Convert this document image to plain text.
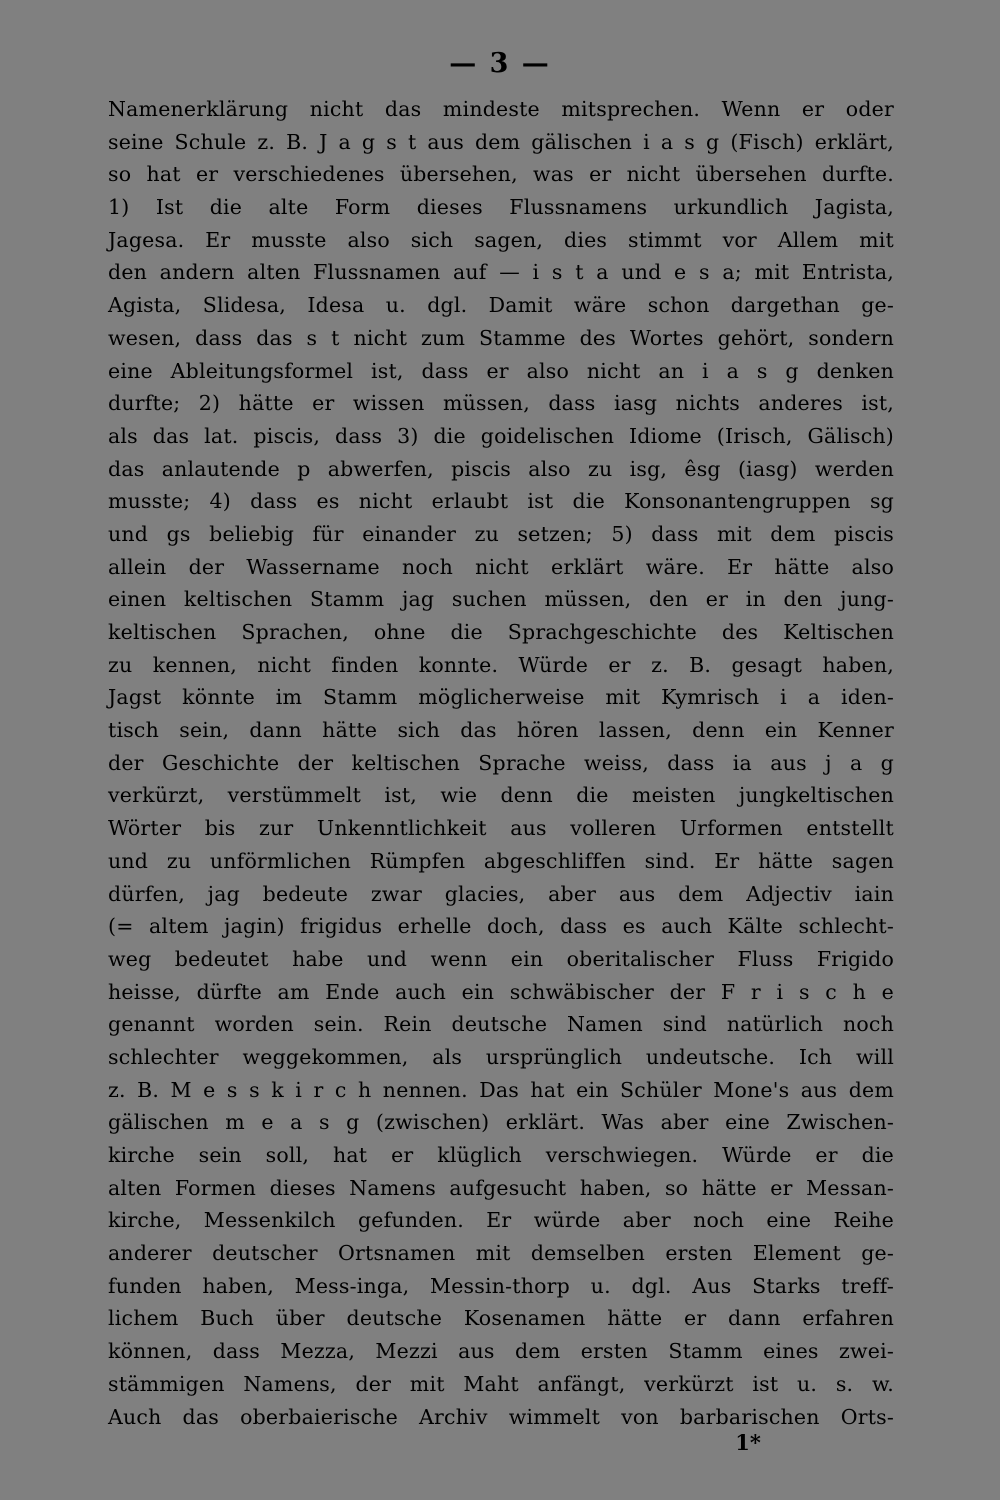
— 3 —
Namenerklärung nicht das mindeste mitsprechen. Wenn er oder
seine Schule z. B. J a g s t aus dem gälischen i a s g (Fisch) erklärt,
so hat er verschiedenes übersehen, was er nicht übersehen durfte.
1) Ist die alte Form dieses Flussnamens urkundlich Jagista,
Jagesa. Er musste also sich sagen, dies stimmt vor Allem mit
den andern alten Flussnamen auf — i s t a und e s a; mit Entrista,
Agista, Slidesa, Idesa u. dgl. Damit wäre schon dargethan ge-
wesen, dass das s t nicht zum Stamme des Wortes gehört, sondern
eine Ableitungsformel ist, dass er also nicht an i a s g denken
durfte; 2) hätte er wissen müssen, dass iasg nichts anderes ist,
als das lat. piscis, dass 3) die goidelischen Idiome (Irisch, Gälisch)
das anlautende p abwerfen, piscis also zu isg, êsg (iasg) werden
musste; 4) dass es nicht erlaubt ist die Konsonantengruppen sg
und gs beliebig für einander zu setzen; 5) dass mit dem piscis
allein der Wassername noch nicht erklärt wäre. Er hätte also
einen keltischen Stamm jag suchen müssen, den er in den jung-
keltischen Sprachen, ohne die Sprachgeschichte des Keltischen
zu kennen, nicht finden konnte. Würde er z. B. gesagt haben,
Jagst könnte im Stamm möglicherweise mit Kymrisch i a iden-
tisch sein, dann hätte sich das hören lassen, denn ein Kenner
der Geschichte der keltischen Sprache weiss, dass ia aus j a g
verkürzt, verstümmelt ist, wie denn die meisten jungkeltischen
Wörter bis zur Unkenntlichkeit aus volleren Urformen entstellt
und zu unförmlichen Rümpfen abgeschliffen sind. Er hätte sagen
dürfen, jag bedeute zwar glacies, aber aus dem Adjectiv iain
(= altem jagin) frigidus erhelle doch, dass es auch Kälte schlecht-
weg bedeutet habe und wenn ein oberitalischer Fluss Frigido
heisse, dürfte am Ende auch ein schwäbischer der F r i s c h e
genannt worden sein. Rein deutsche Namen sind natürlich noch
schlechter weggekommen, als ursprünglich undeutsche. Ich will
z. B. M e s s k i r c h nennen. Das hat ein Schüler Mone's aus dem
gälischen m e a s g (zwischen) erklärt. Was aber eine Zwischen-
kirche sein soll, hat er klüglich verschwiegen. Würde er die
alten Formen dieses Namens aufgesucht haben, so hätte er Messan-
kirche, Messenkilch gefunden. Er würde aber noch eine Reihe
anderer deutscher Ortsnamen mit demselben ersten Element ge-
funden haben, Mess-inga, Messin-thorp u. dgl. Aus Starks treff-
lichem Buch über deutsche Kosenamen hätte er dann erfahren
können, dass Mezza, Mezzi aus dem ersten Stamm eines zwei-
stämmigen Namens, der mit Maht anfängt, verkürzt ist u. s. w.
Auch das oberbaierische Archiv wimmelt von barbarischen Orts-
1*
